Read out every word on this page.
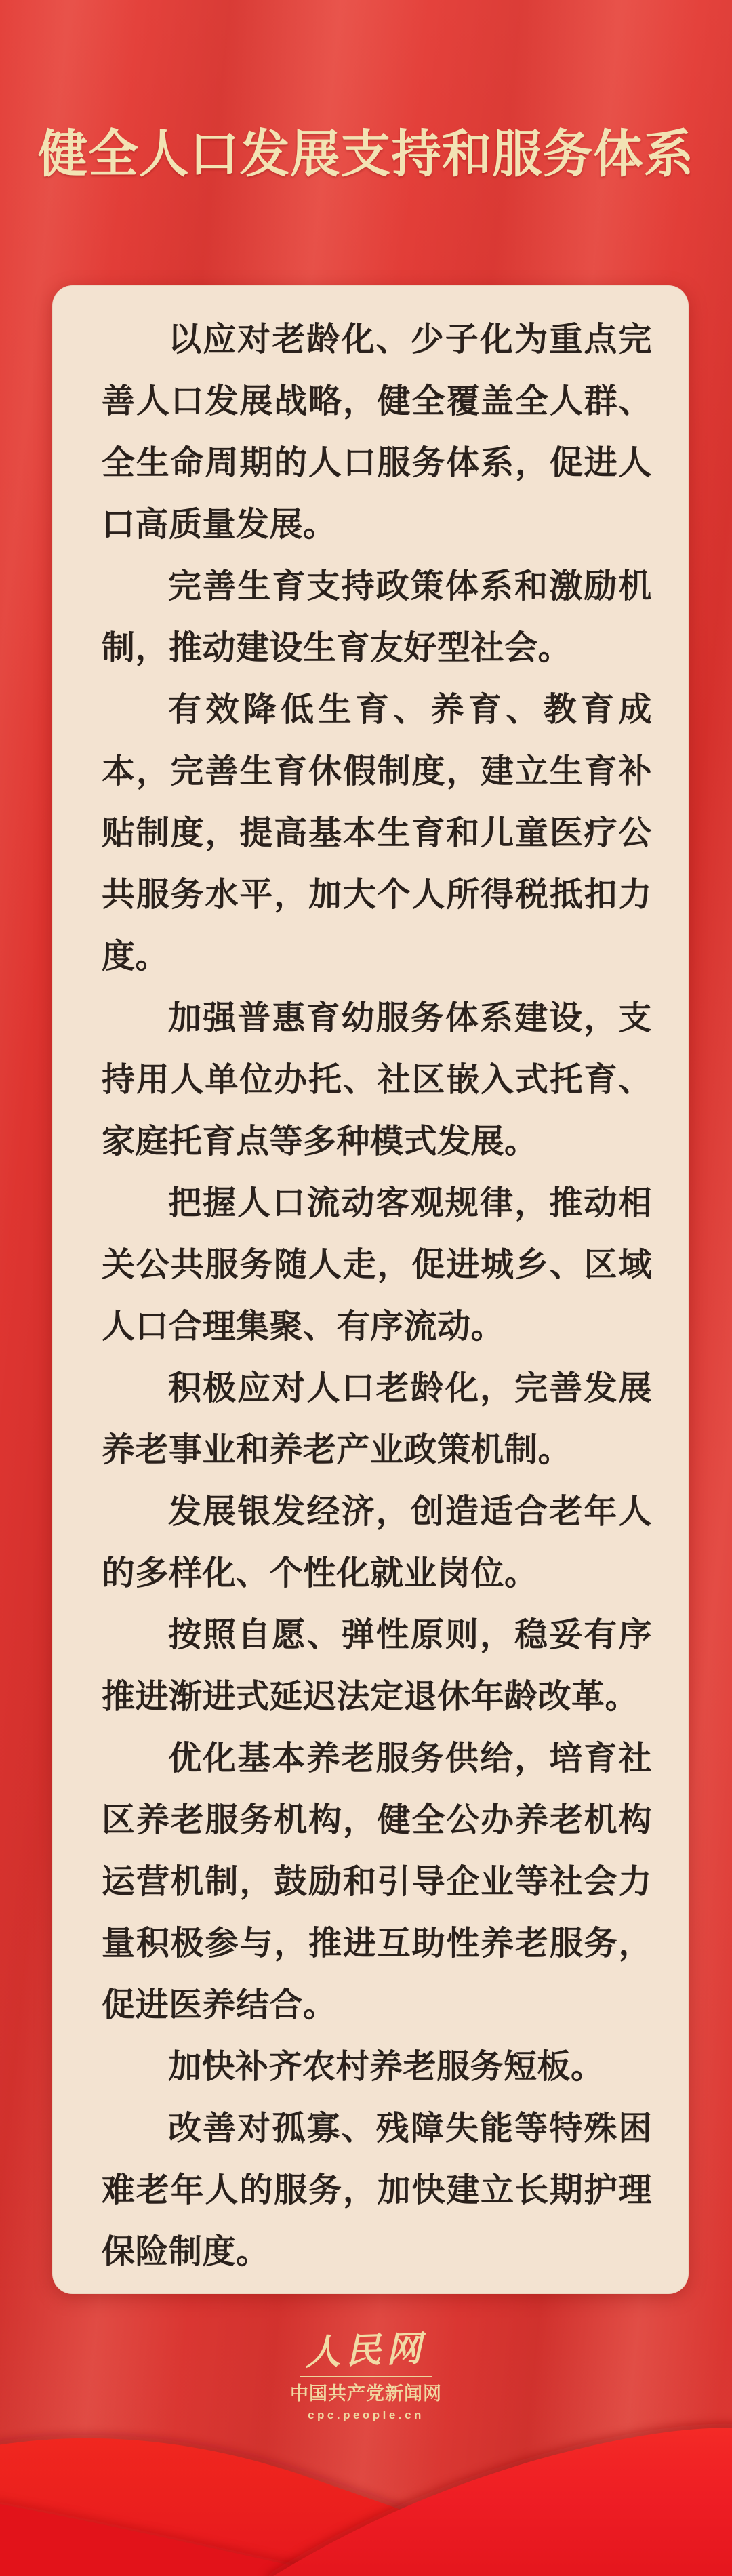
健全人口发展支持和服务体系

以应对老龄化、少子化为重点完善人口发展战略，健全覆盖全人群、全生命周期的人口服务体系，促进人口高质量发展。

完善生育支持政策体系和激励机制，推动建设生育友好型社会。

有效降低生育、养育、教育成本，完善生育休假制度，建立生育补贴制度，提高基本生育和儿童医疗公共服务水平，加大个人所得税抵扣力度。

加强普惠育幼服务体系建设，支持用人单位办托、社区嵌入式托育、家庭托育点等多种模式发展。

把握人口流动客观规律，推动相关公共服务随人走，促进城乡、区域人口合理集聚、有序流动。

积极应对人口老龄化，完善发展养老事业和养老产业政策机制。

发展银发经济，创造适合老年人的多样化、个性化就业岗位。

按照自愿、弹性原则，稳妥有序推进渐进式延迟法定退休年龄改革。

优化基本养老服务供给，培育社区养老服务机构，健全公办养老机构运营机制，鼓励和引导企业等社会力量积极参与，推进互助性养老服务，促进医养结合。

加快补齐农村养老服务短板。

改善对孤寡、残障失能等特殊困难老年人的服务，加快建立长期护理保险制度。

人民网
中国共产党新闻网
cpc.people.cn
